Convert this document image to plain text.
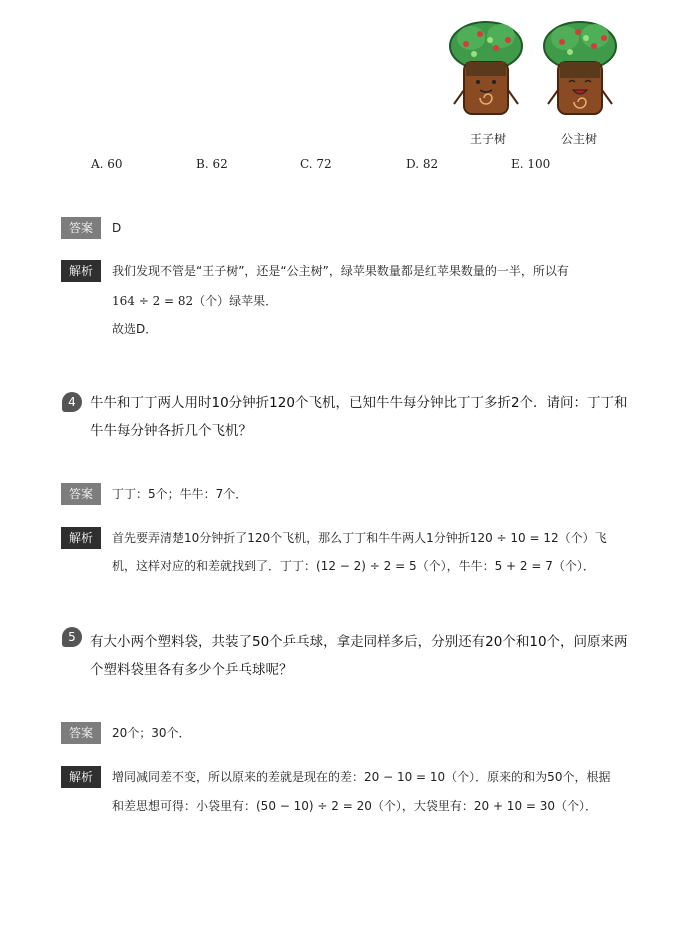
王子树	公主树
A. 60	B. 62	C. 72	D. 82	E. 100
答案	D
解析	我们发现不管是“王子树”，还是“公主树”，绿苹果数量都是红苹果数量的一半，所以有
164 ÷ 2 = 82（个）绿苹果．
故选D．
4	牛牛和丁丁两人用时10分钟折120个飞机，已知牛牛每分钟比丁丁多折2个．请问：丁丁和
牛牛每分钟各折几个飞机？
答案	丁丁：5个；牛牛：7个．
解析	首先要弄清楚10分钟折了120个飞机，那么丁丁和牛牛两人1分钟折120 ÷ 10 = 12（个）飞
机，这样对应的和差就找到了．丁丁：(12 − 2) ÷ 2 = 5（个），牛牛：5 + 2 = 7（个）．
5	有大小两个塑料袋，共装了50个乒乓球，拿走同样多后，分别还有20个和10个，问原来两
个塑料袋里各有多少个乒乓球呢？
答案	20个；30个．
解析	增同减同差不变，所以原来的差就是现在的差：20 − 10 = 10（个）．原来的和为50个，根据
和差思想可得：小袋里有：(50 − 10) ÷ 2 = 20（个），大袋里有：20 + 10 = 30（个）．
